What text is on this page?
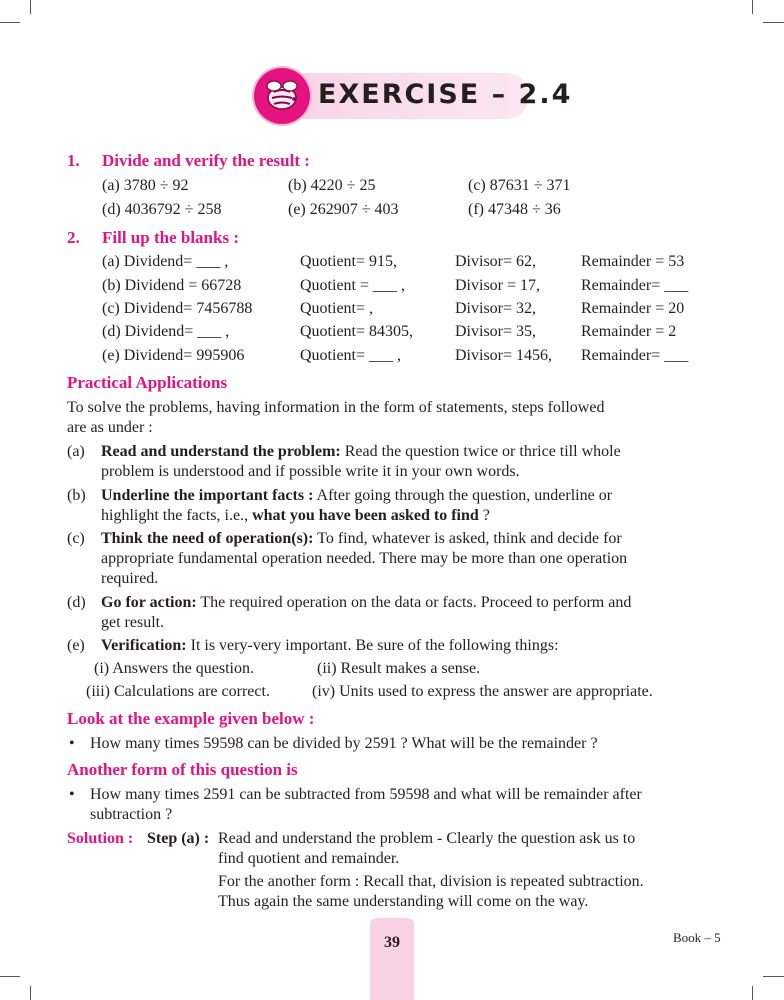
EXERCISE – 2.4
1. Divide and verify the result :
(a) 3780 ÷ 92	(b) 4220 ÷ 25	(c) 87631 ÷ 371
(d) 4036792 ÷ 258	(e) 262907 ÷ 403	(f) 47348 ÷ 36
2. Fill up the blanks :
(a) Dividend= ___ ,	Quotient= 915,	Divisor= 62,	Remainder = 53
(b) Dividend = 66728	Quotient = ___ ,	Divisor = 17,	Remainder= ___
(c) Dividend= 7456788	Quotient= ,	Divisor= 32,	Remainder = 20
(d) Dividend= ___ ,	Quotient= 84305,	Divisor= 35,	Remainder = 2
(e) Dividend= 995906	Quotient= ___ ,	Divisor= 1456, Remainder= ___
Practical Applications
To solve the problems, having information in the form of statements, steps followed
are as under :
(a) Read and understand the problem: Read the question twice or thrice till whole
problem is understood and if possible write it in your own words.
(b) Underline the important facts : After going through the question, underline or
highlight the facts, i.e., what you have been asked to find ?
(c) Think the need of operation(s): To find, whatever is asked, think and decide for
appropriate fundamental operation needed. There may be more than one operation
required.
(d) Go for action: The required operation on the data or facts. Proceed to perform and
get result.
(e) Verification: It is very-very important. Be sure of the following things:
(i) Answers the question.	(ii) Result makes a sense.
(iii) Calculations are correct.	(iv) Units used to express the answer are appropriate.
Look at the example given below :
• How many times 59598 can be divided by 2591 ? What will be the remainder ?
Another form of this question is
• How many times 2591 can be subtracted from 59598 and what will be remainder after
subtraction ?
Solution : Step (a) : Read and understand the problem - Clearly the question ask us to
find quotient and remainder.
For the another form : Recall that, division is repeated subtraction.
Thus again the same understanding will come on the way.
39	Book – 5
